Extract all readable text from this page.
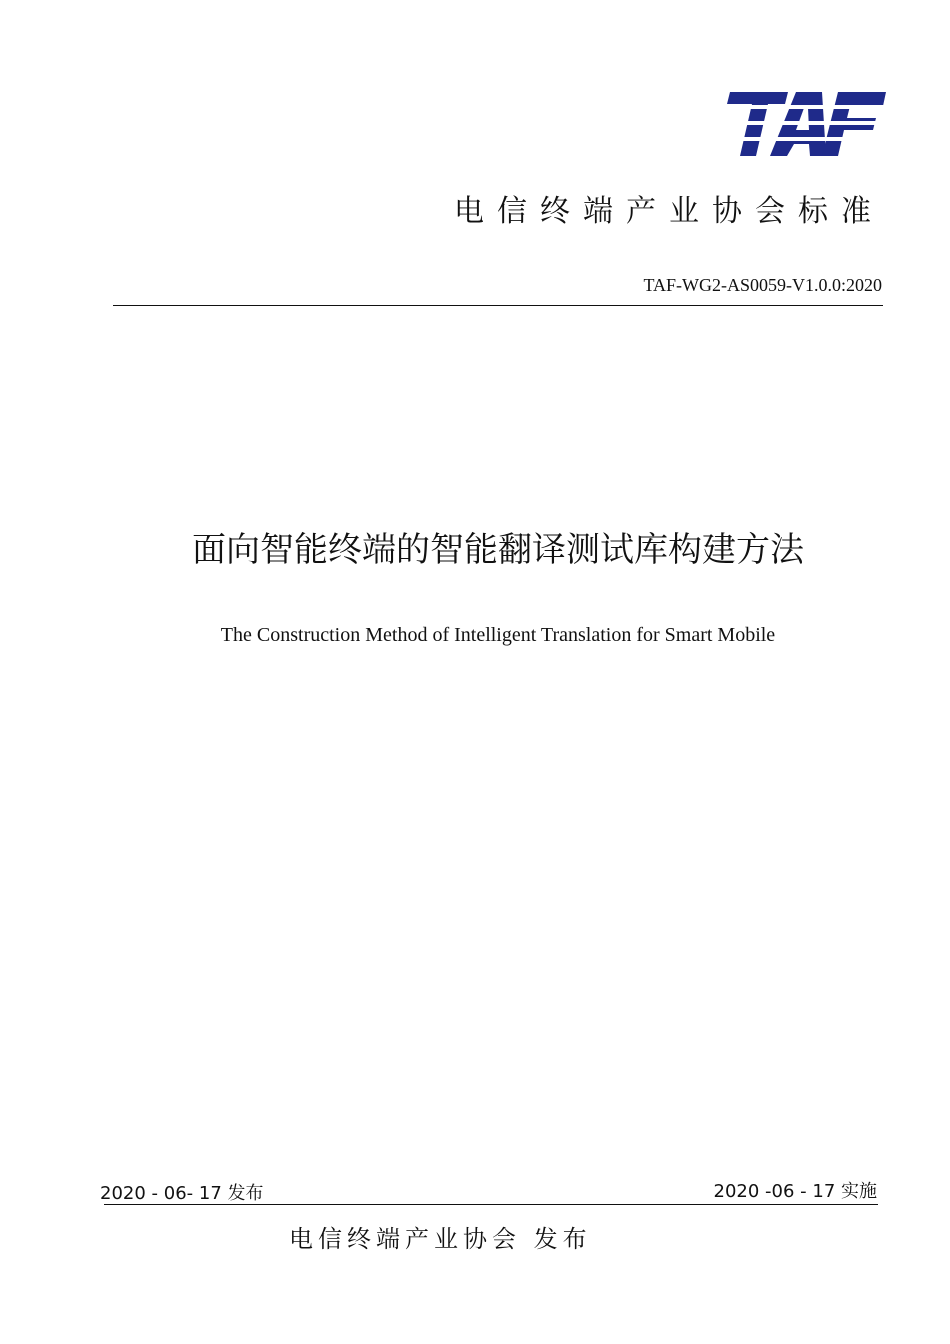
电信终端产业协会标准
TAF-WG2-AS0059-V1.0.0:2020
面向智能终端的智能翻译测试库构建方法
The Construction Method of Intelligent Translation for Smart Mobile
2020 - 06- 17 发布	2020 -06 - 17 实施
电信终端产业协会 发布
